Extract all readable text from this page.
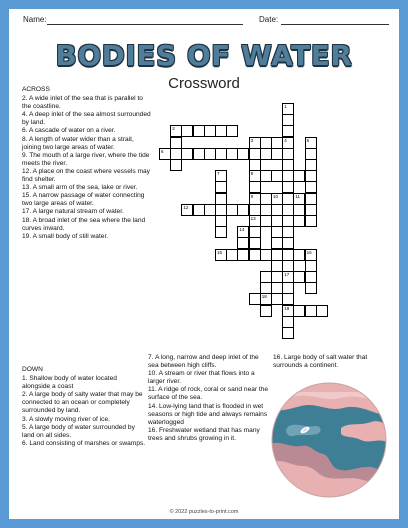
Name:	Date:
BODIES OF WATER
Crossword
ACROSS

2. A wide inlet of the sea that is parallel to the coastline.

4. A deep inlet of the sea almost surrounded by land.

6. A cascade of water on a river.

8. A length of water wider than a strait, joining two large areas of water.

9. The mouth of a large river, where the tide meets the river.

12. A place on the coast where vessels may find shelter.

13. A small arm of the sea, lake or river.

15. A narrow passage of water connecting two large areas of water.

17. A large natural stream of water.

18. A broad inlet of the sea where the land curves inward.

19. A small body of still water.

DOWN

1. Shallow body of water located alongside a coast

2. A large body of salty water that may be connected to an ocean or completely surrounded by land.

3. A slowly moving river of ice.

5. A large body of water surrounded by land on all sides.

6. Land consisting of marshes or swamps.

7. A long, narrow and deep inlet of the sea between high cliffs.

10. A stream or river that flows into a larger river.

11. A ridge of rock, coral or sand near the surface of the sea.

14. Low-lying land that is flooded in wet seasons or high tide and always remains waterlogged

16. Freshwater wetland that has many trees and shrubs growing in it.

16. Large body of salt water that surrounds a continent.

2
6
3	4
8
9	10	11
12
13
15	16
17
18
19
1
5
7
14
© 2022 puzzles-to-print.com
